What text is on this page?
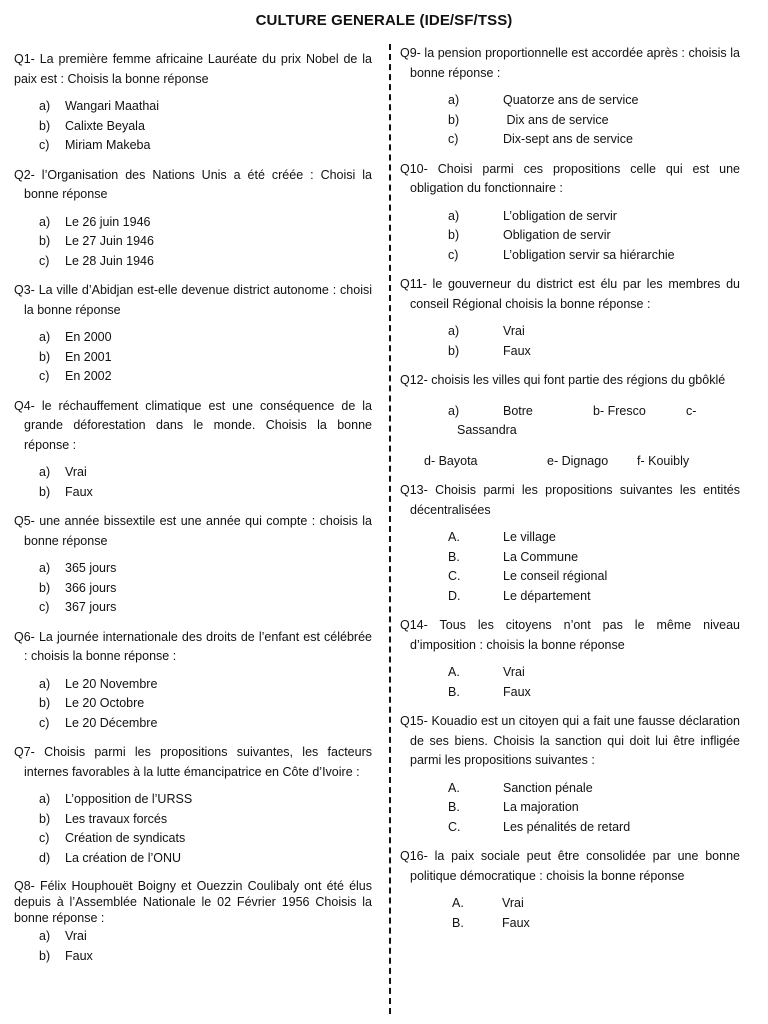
CULTURE GENERALE (IDE/SF/TSS)

Q1- La première femme africaine Lauréate du prix Nobel de la paix est : Choisis la bonne réponse

a)	Wangari Maathai
b)	Calixte Beyala
c)	Miriam Makeba

Q2- l’Organisation des Nations Unis a été créée : Choisi la bonne réponse

a)	Le 26 juin 1946
b)	Le 27 Juin 1946
c)	Le 28 Juin 1946

Q3- La ville d’Abidjan est-elle devenue district autonome : choisi la bonne réponse

a)	En 2000
b)	En 2001
c)	En 2002

Q4- le réchauffement climatique est une conséquence de la grande déforestation dans le monde. Choisis la bonne réponse :

a)	Vrai
b)	Faux

Q5- une année bissextile est une année qui compte : choisis la bonne réponse

a)	365 jours
b)	366 jours
c)	367 jours

Q6- La journée internationale des droits de l’enfant est célébrée : choisis la bonne réponse :

a)	Le 20 Novembre
b)	Le 20 Octobre
c)	Le 20 Décembre

Q7- Choisis parmi les propositions suivantes, les facteurs internes favorables à la lutte émancipatrice en Côte d’Ivoire :

a)	L’opposition de l’URSS
b)	Les travaux forcés
c)	Création de syndicats
d)	La création de l’ONU

Q8- Félix Houphouët Boigny et Ouezzin Coulibaly ont été élus depuis à l’Assemblée Nationale le 02 Février 1956 Choisis la bonne réponse :

a)	Vrai
b)	Faux

Q9- la pension proportionnelle est accordée après : choisis la bonne réponse :

a)	Quatorze ans de service
b)	Dix ans de service
c)	Dix-sept ans de service

Q10- Choisi parmi ces propositions celle qui est une obligation du fonctionnaire :

a)	L’obligation de servir
b)	Obligation de servir
c)	L’obligation servir sa hiérarchie

Q11- le gouverneur du district est élu par les membres du conseil Régional choisis la bonne réponse :

a)	Vrai
b)	Faux

Q12- choisis les villes qui font partie des régions du gbôklé

a)	Botre	b- Fresco	c-
Sassandra
d- Bayota	e- Dignago	f- Kouibly

Q13- Choisis parmi les propositions suivantes les entités décentralisées

A.	Le village
B.	La Commune
C.	Le conseil régional
D.	Le département

Q14- Tous les citoyens n’ont pas le même niveau d’imposition : choisis la bonne réponse

A.	Vrai
B.	Faux

Q15- Kouadio est un citoyen qui a fait une fausse déclaration de ses biens. Choisis la sanction qui doit lui être infligée parmi les propositions suivantes :

A.	Sanction pénale
B.	La majoration
C.	Les pénalités de retard

Q16- la paix sociale peut être consolidée par une bonne politique démocratique : choisis la bonne réponse

A.	Vrai
B.	Faux
